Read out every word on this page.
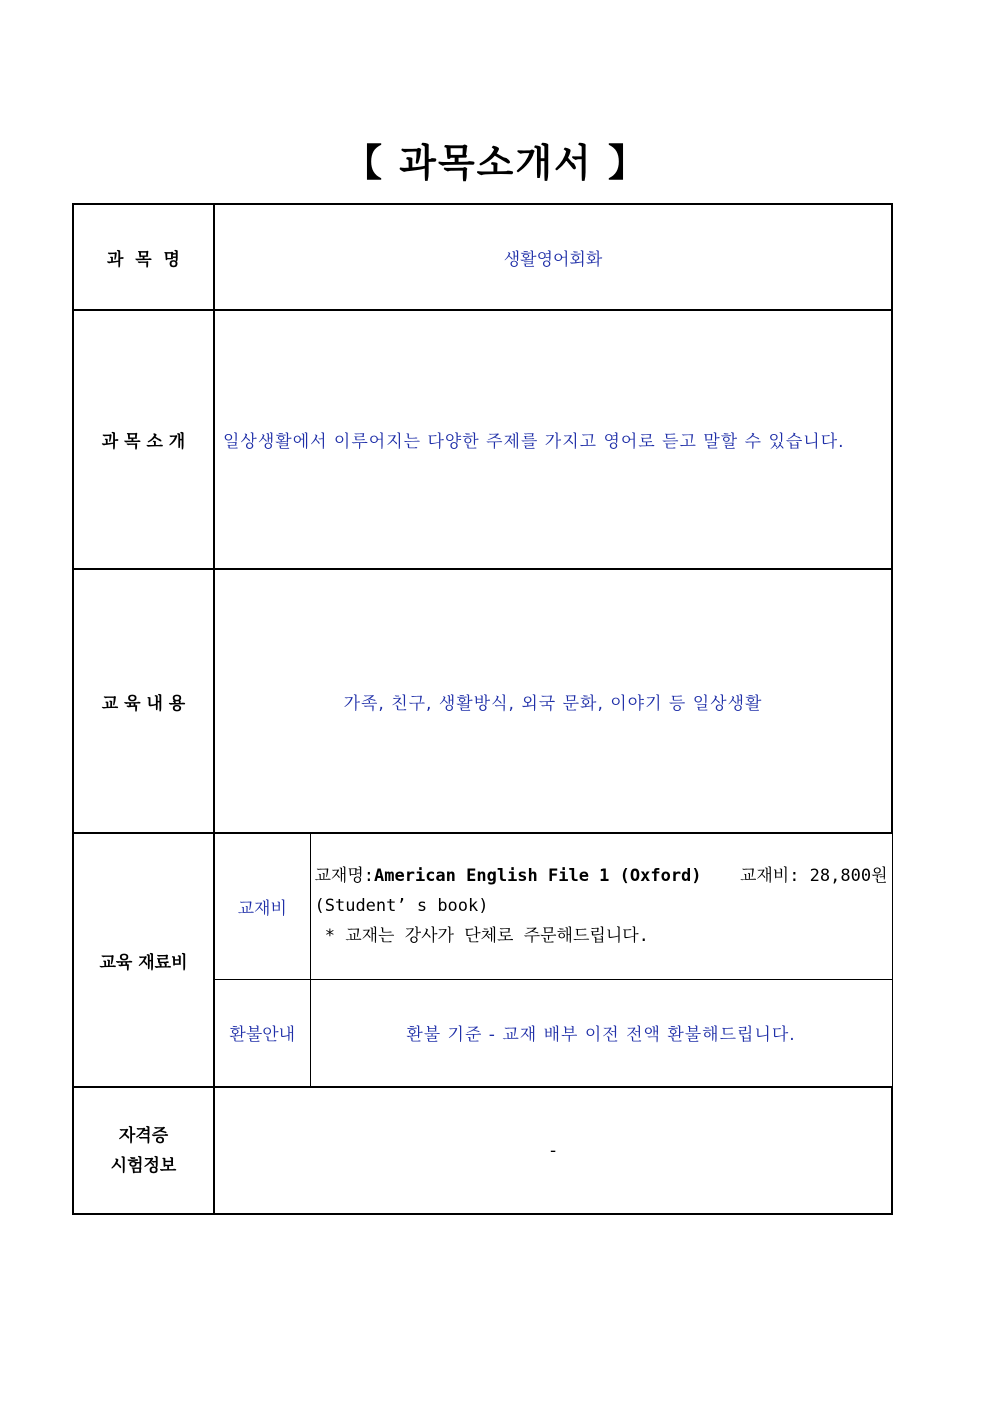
【 과목소개서 】
과  목  명	생활영어회화	
과 목 소 개	일상생활에서 이루어지는 다양한 주제를 가지고 영어로 듣고 말할 수 있습니다.	
교 육 내 용	가족, 친구, 생활방식, 외국 문화, 이야기 등 일상생활	
교육 재료비	교재비	교재명:American English File 1 (Oxford) 교재비: 28,800원
(Student’ s book)
* 교재는 강사가 단체로 주문해드립니다.

	환불안내	환불 기준 - 교재 배부 이전 전액 환불해드립니다.

자격증
시험정보	-	
